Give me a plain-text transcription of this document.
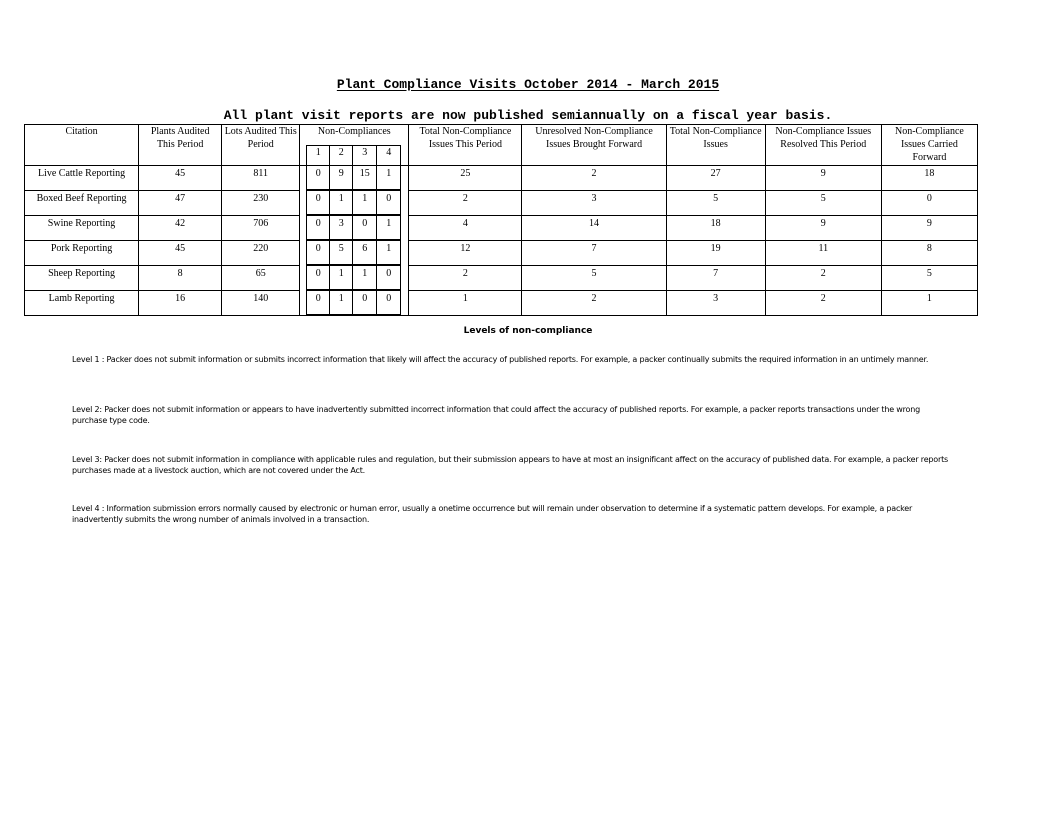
Plant Compliance Visits October 2014 - March 2015
All plant visit reports are now published semiannually on a fiscal year basis.
Citation	Plants Audited This Period	Lots Audited This Period	Non-Compliances						Total Non-Compliance Issues This Period	Unresolved Non-Compliance Issues Brought Forward	Total Non-Compliance Issues	Non-Compliance Issues Resolved This Period	Non-Compliance Issues Carried Forward
				1	2	3	4						
Live Cattle Reporting	45	811		0	9	15	1		25	2	27	9	18
Boxed Beef Reporting	47	230		0	1	1	0		2	3	5	5	0
Swine Reporting	42	706		0	3	0	1		4	14	18	9	9
Pork Reporting	45	220		0	5	6	1		12	7	19	11	8
Sheep Reporting	8	65		0	1	1	0		2	5	7	2	5
Lamb Reporting	16	140		0	1	0	0		1	2	3	2	1
Levels of non-compliance
Level 1 : Packer does not submit information or submits incorrect information that likely will affect the accuracy of published reports. For example, a packer continually submits the required information in an untimely manner.
Level 2: Packer does not submit information or appears to have inadvertently submitted incorrect information that could affect the accuracy of published reports. For example, a packer reports transactions under the wrong purchase type code.
Level 3: Packer does not submit information in compliance with applicable rules and regulation, but their submission appears to have at most an insignificant affect on the accuracy of published data. For example, a packer reports purchases made at a livestock auction, which are not covered under the Act.
Level 4 : Information submission errors normally caused by electronic or human error, usually a onetime occurrence but will remain under observation to determine if a systematic pattern develops. For example, a packer inadvertently submits the wrong number of animals involved in a transaction.
